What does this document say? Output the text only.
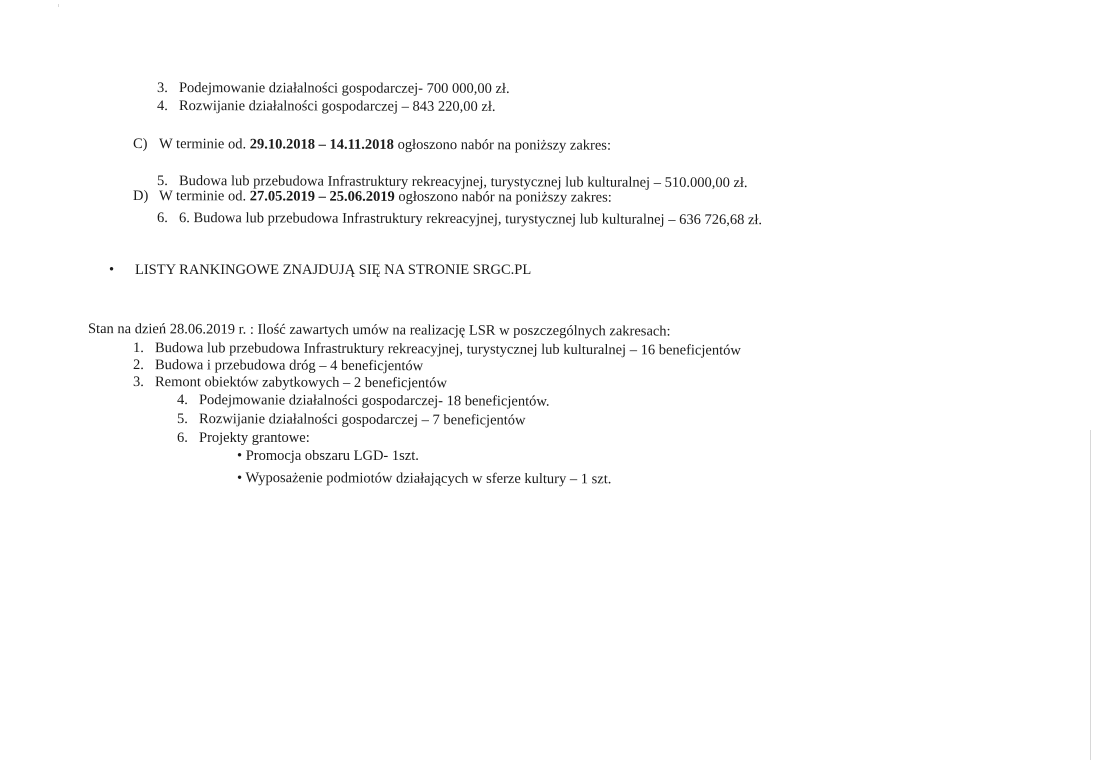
3. Podejmowanie działalności gospodarczej- 700 000,00 zł.
4. Rozwijanie działalności gospodarczej – 843 220,00 zł.
C) W terminie od. 29.10.2018 – 14.11.2018 ogłoszono nabór na poniższy zakres:
5. Budowa lub przebudowa Infrastruktury rekreacyjnej, turystycznej lub kulturalnej – 510.000,00 zł.
D) W terminie od. 27.05.2019 – 25.06.2019 ogłoszono nabór na poniższy zakres:
6. 6. Budowa lub przebudowa Infrastruktury rekreacyjnej, turystycznej lub kulturalnej – 636 726,68 zł.
• LISTY RANKINGOWE ZNAJDUJĄ SIĘ NA STRONIE SRGC.PL
Stan na dzień 28.06.2019 r. : Ilość zawartych umów na realizację LSR w poszczególnych zakresach:
1. Budowa lub przebudowa Infrastruktury rekreacyjnej, turystycznej lub kulturalnej – 16 beneficjentów
2. Budowa i przebudowa dróg – 4 beneficjentów
3. Remont obiektów zabytkowych – 2 beneficjentów
4. Podejmowanie działalności gospodarczej- 18 beneficjentów.
5. Rozwijanie działalności gospodarczej – 7 beneficjentów
6. Projekty grantowe:
• Promocja obszaru LGD- 1szt.
• Wyposażenie podmiotów działających w sferze kultury – 1 szt.
